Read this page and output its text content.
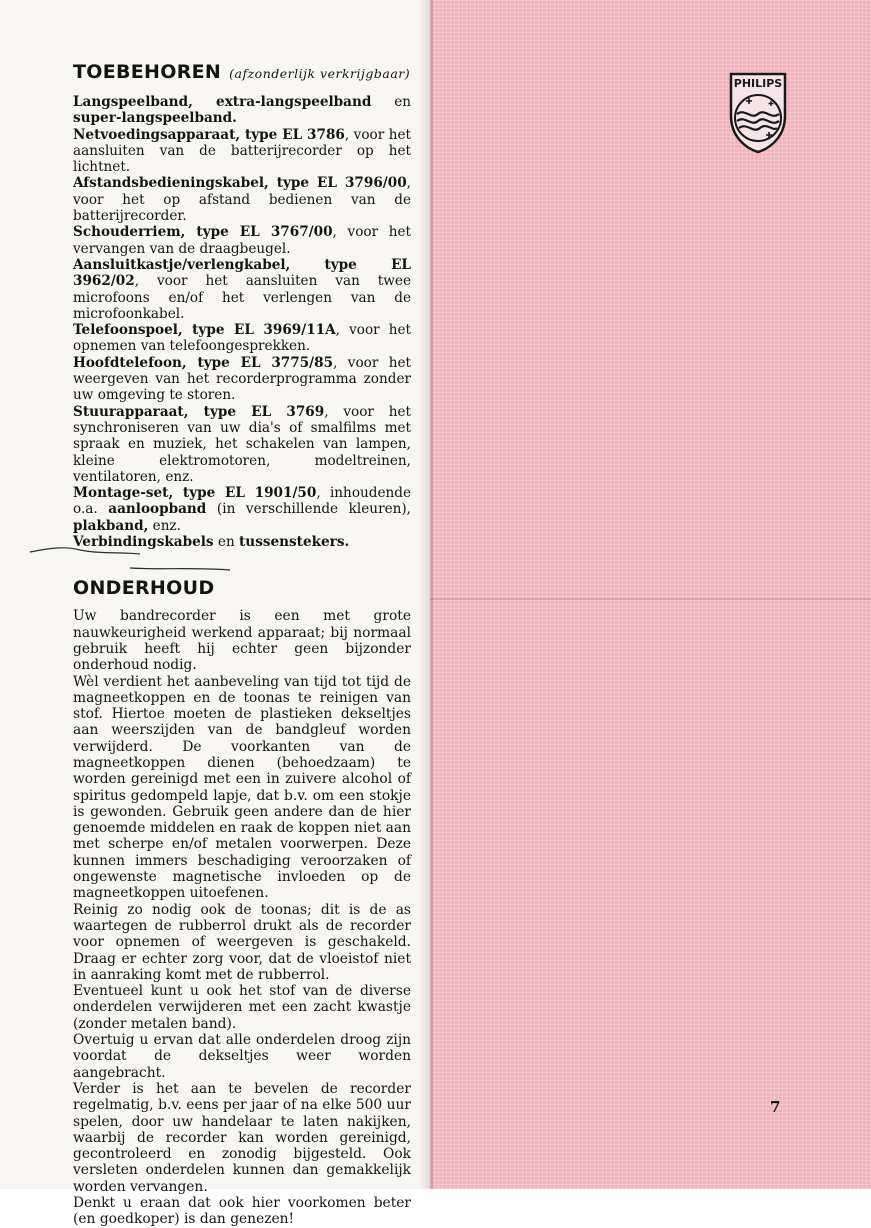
PHILIPS
TOEBEHOREN (afzonderlijk verkrijgbaar)

Langspeelband, extra-langspeelband en super-langspeelband.

Netvoedingsapparaat, type EL 3786, voor het aansluiten van de batterijrecorder op het lichtnet.

Afstandsbedieningskabel, type EL 3796/00, voor het op afstand bedienen van de batterijrecorder.

Schouderriem, type EL 3767/00, voor het vervangen van de draagbeugel.

Aansluitkastje/verlengkabel, type EL 3962/02, voor het aansluiten van twee microfoons en/of het verlengen van de microfoonkabel.

Telefoonspoel, type EL 3969/11A, voor het opnemen van telefoongesprekken.

Hoofdtelefoon, type EL 3775/85, voor het weergeven van het recorderprogramma zonder uw omgeving te storen.

Stuurapparaat, type EL 3769, voor het synchroniseren van uw dia's of smalfilms met spraak en muziek, het schakelen van lampen, kleine elektromotoren, modeltreinen, ventilatoren, enz.

Montage-set, type EL 1901/50, inhoudende o.a. aanloopband (in verschillende kleuren), plakband, enz.

Verbindingskabels en tussenstekers.

ONDERHOUD

Uw bandrecorder is een met grote nauwkeurigheid werkend apparaat; bij normaal gebruik heeft hij echter geen bijzonder onderhoud nodig.

Wèl verdient het aanbeveling van tijd tot tijd de magneetkoppen en de toonas te reinigen van stof. Hiertoe moeten de plastieken dekseltjes aan weerszijden van de bandgleuf worden verwijderd. De voorkanten van de magneetkoppen dienen (behoedzaam) te worden gereinigd met een in zuivere alcohol of spiritus gedompeld lapje, dat b.v. om een stokje is gewonden. Gebruik geen andere dan de hier genoemde middelen en raak de koppen niet aan met scherpe en/of metalen voorwerpen. Deze kunnen immers beschadiging veroorzaken of ongewenste magnetische invloeden op de magneetkoppen uitoefenen.

Reinig zo nodig ook de toonas; dit is de as waartegen de rubberrol drukt als de recorder voor opnemen of weergeven is geschakeld. Draag er echter zorg voor, dat de vloeistof niet in aanraking komt met de rubberrol.

Eventueel kunt u ook het stof van de diverse onderdelen verwijderen met een zacht kwastje (zonder metalen band).

Overtuig u ervan dat alle onderdelen droog zijn voordat de dekseltjes weer worden aangebracht.

Verder is het aan te bevelen de recorder regelmatig, b.v. eens per jaar of na elke 500 uur spelen, door uw handelaar te laten nakijken, waarbij de recorder kan worden gereinigd, gecontroleerd en zonodig bijgesteld. Ook versleten onderdelen kunnen dan gemakkelijk worden vervangen.

Denkt u eraan dat ook hier voorkomen beter (en goedkoper) is dan genezen!

7
